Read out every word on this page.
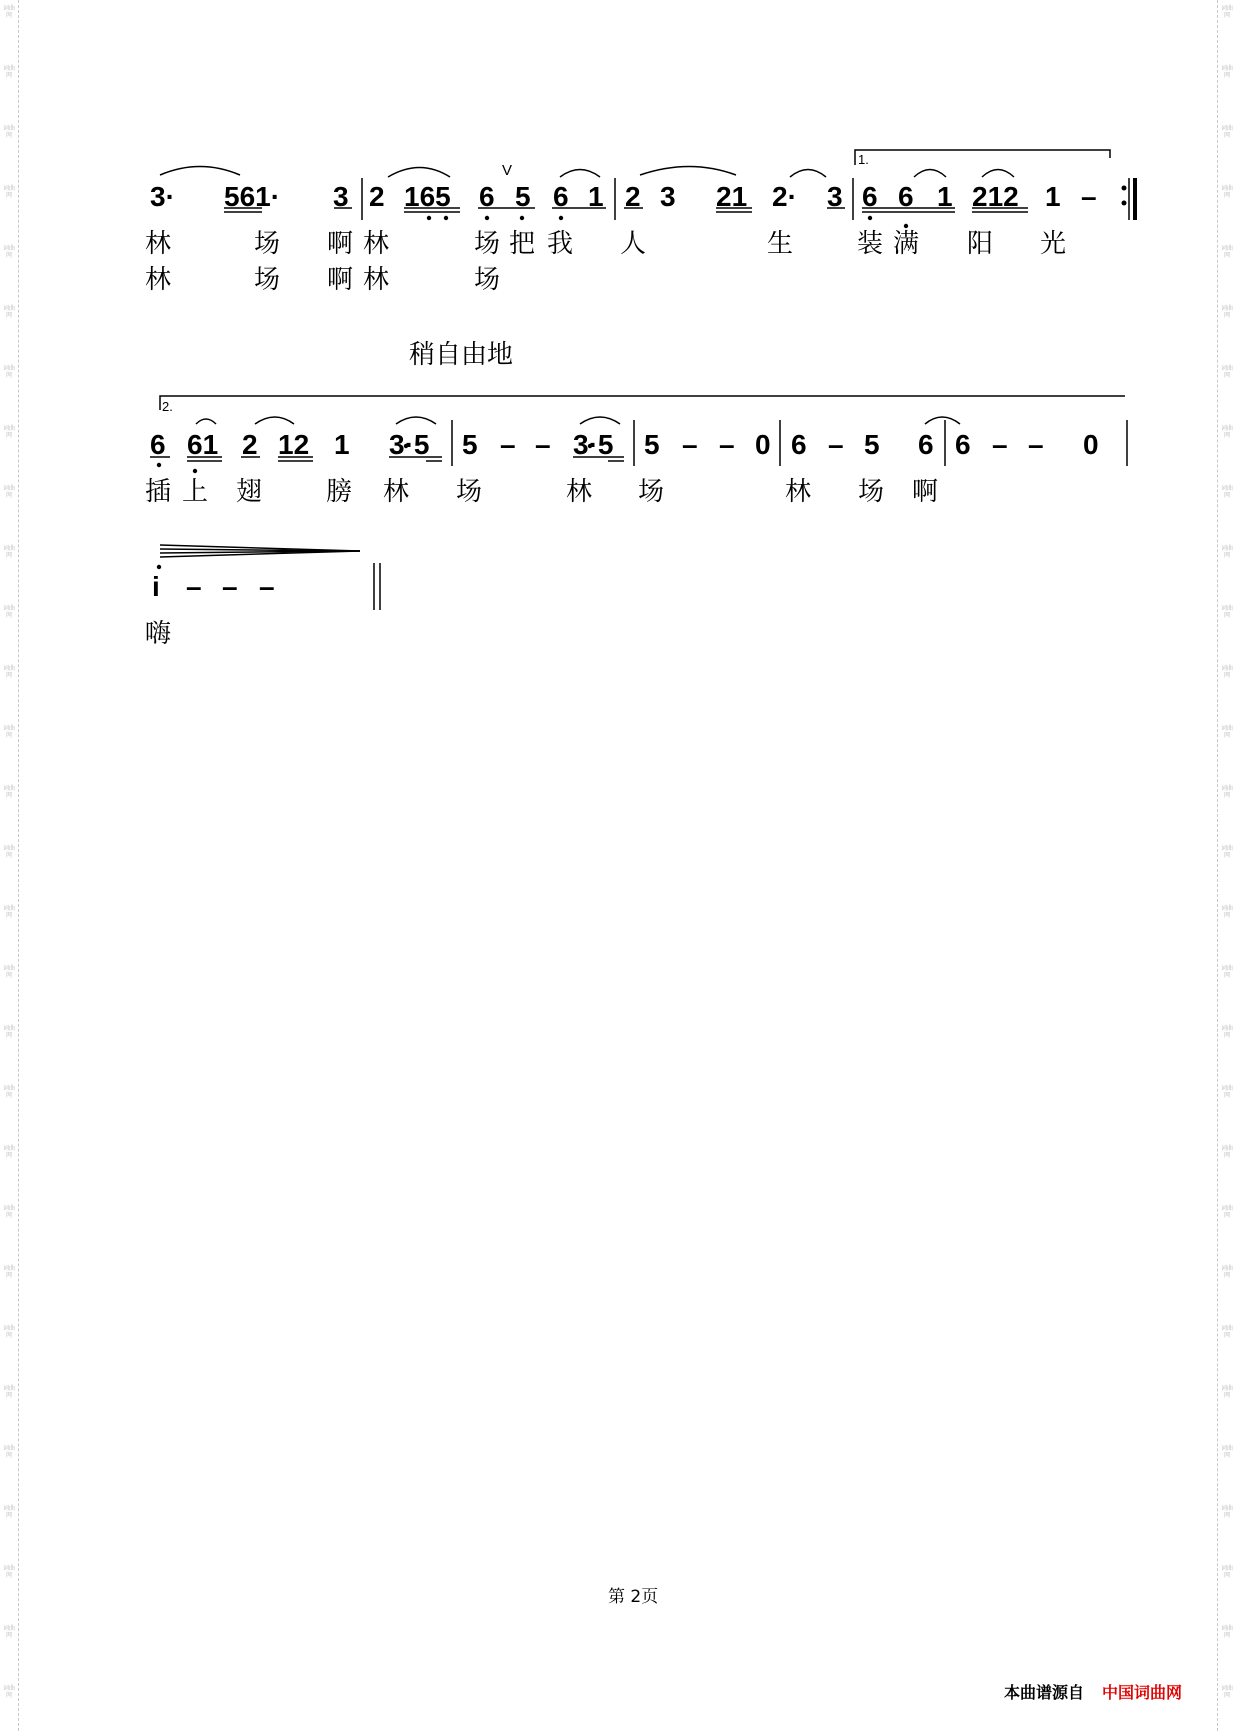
词曲网
词曲网
词曲网
词曲网
词曲网
词曲网
词曲网
词曲网
词曲网
词曲网
词曲网
词曲网
词曲网
词曲网
词曲网
词曲网
词曲网
词曲网
词曲网
词曲网
词曲网
词曲网
词曲网
词曲网
词曲网
词曲网
词曲网
词曲网
词曲网
词曲网
词曲网
词曲网
词曲网
词曲网
词曲网
词曲网
词曲网
词曲网
词曲网
词曲网
词曲网
词曲网
词曲网
词曲网
词曲网
词曲网
词曲网
词曲网
词曲网
词曲网
词曲网
词曲网
词曲网
词曲网
词曲网
词曲网
词曲网
词曲网
1.
2.
V
3· 561· 3 2 165 6 5 6 1 2 3 21 2· 3 6 6 1 212 1 –
林	场 啊 林	场 把 我 人	生 装 满 阳 光
林	场 啊 林	场
稍自由地
6 61 2 12 1 3·5 5 – – 3·5 5 – – 0 6 – 5 6 6 – – 0
插 上 翅 膀 林 场	林 场	林 场 啊
i – – –
嗨
第 2页
本曲谱源自 中国词曲网
